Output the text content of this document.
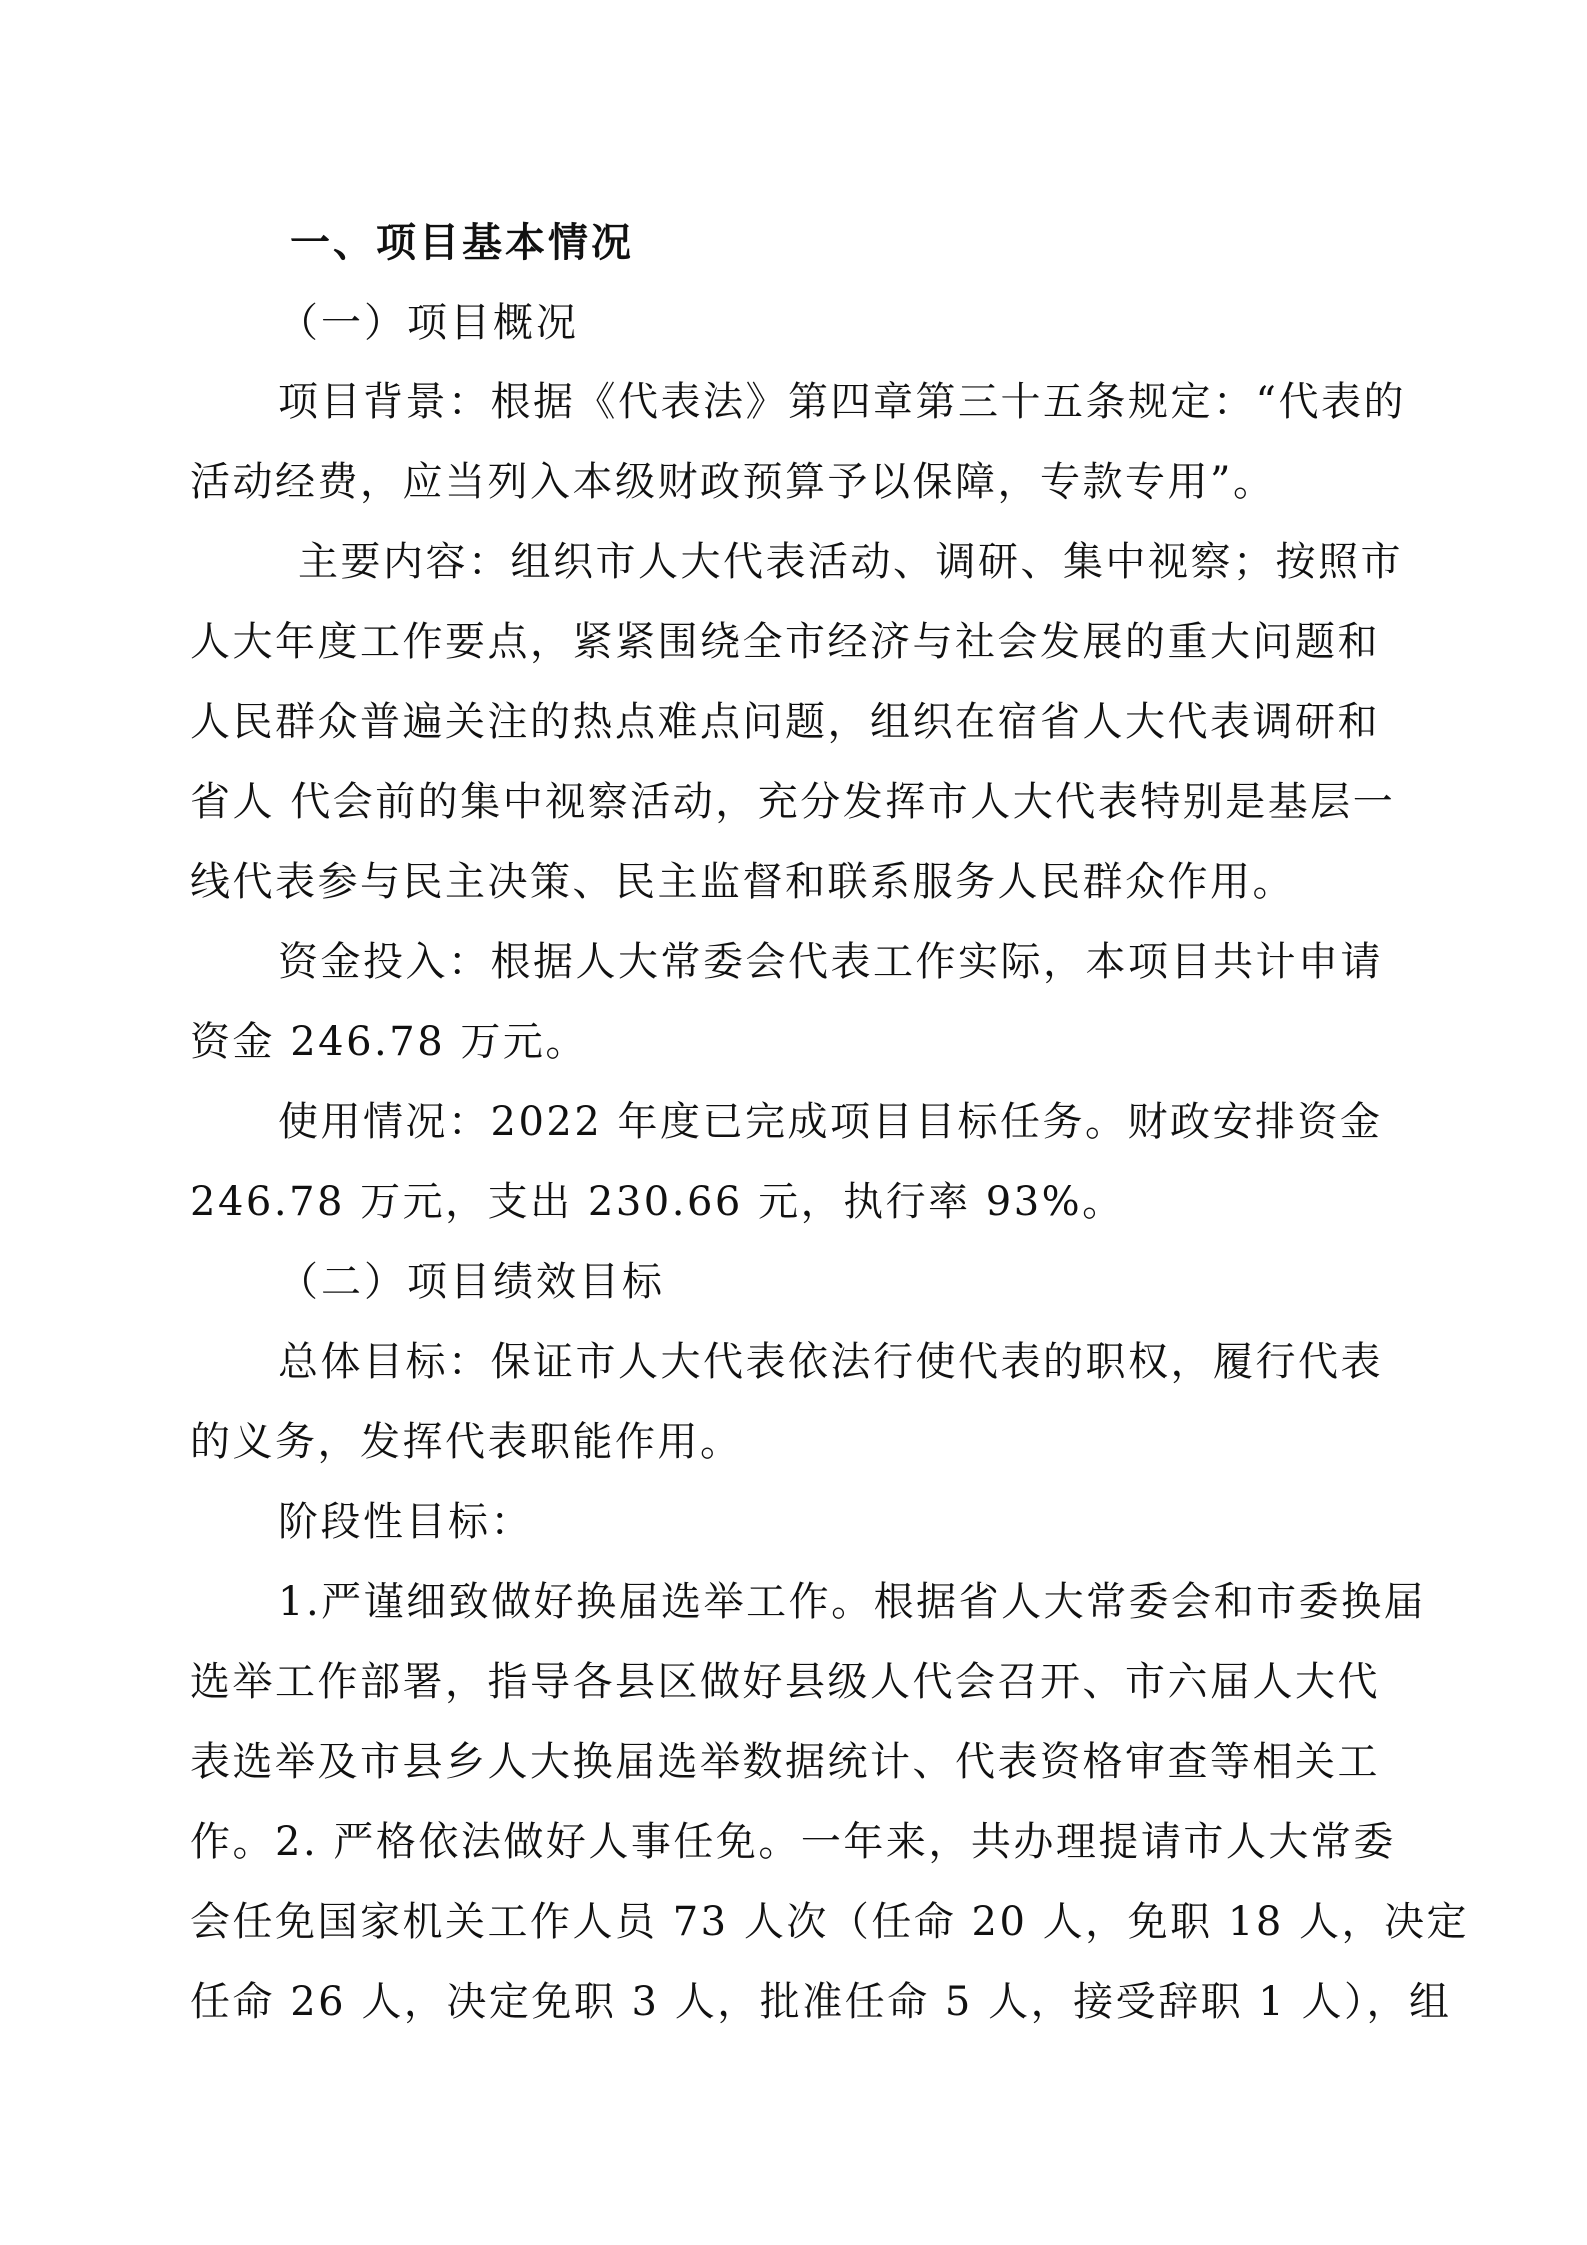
一、项目基本情况
（一）项目概况
项目背景：根据《代表法》第四章第三十五条规定：“代表的
活动经费，应当列入本级财政预算予以保障，专款专用”。
主要内容：组织市人大代表活动、调研、集中视察；按照市
人大年度工作要点，紧紧围绕全市经济与社会发展的重大问题和
人民群众普遍关注的热点难点问题，组织在宿省人大代表调研和
省人 代会前的集中视察活动，充分发挥市人大代表特别是基层一
线代表参与民主决策、民主监督和联系服务人民群众作用。
资金投入：根据人大常委会代表工作实际，本项目共计申请
资金 246.78 万元。
使用情况：2022 年度已完成项目目标任务。财政安排资金
246.78 万元，支出 230.66 元，执行率 93%。
（二）项目绩效目标
总体目标：保证市人大代表依法行使代表的职权，履行代表
的义务，发挥代表职能作用。
阶段性目标：
1.严谨细致做好换届选举工作。根据省人大常委会和市委换届
选举工作部署，指导各县区做好县级人代会召开、市六届人大代
表选举及市县乡人大换届选举数据统计、代表资格审查等相关工
作。2. 严格依法做好人事任免。一年来，共办理提请市人大常委
会任免国家机关工作人员 73 人次（任命 20 人，免职 18 人，决定
任命 26 人，决定免职 3 人，批准任命 5 人，接受辞职 1 人），组
